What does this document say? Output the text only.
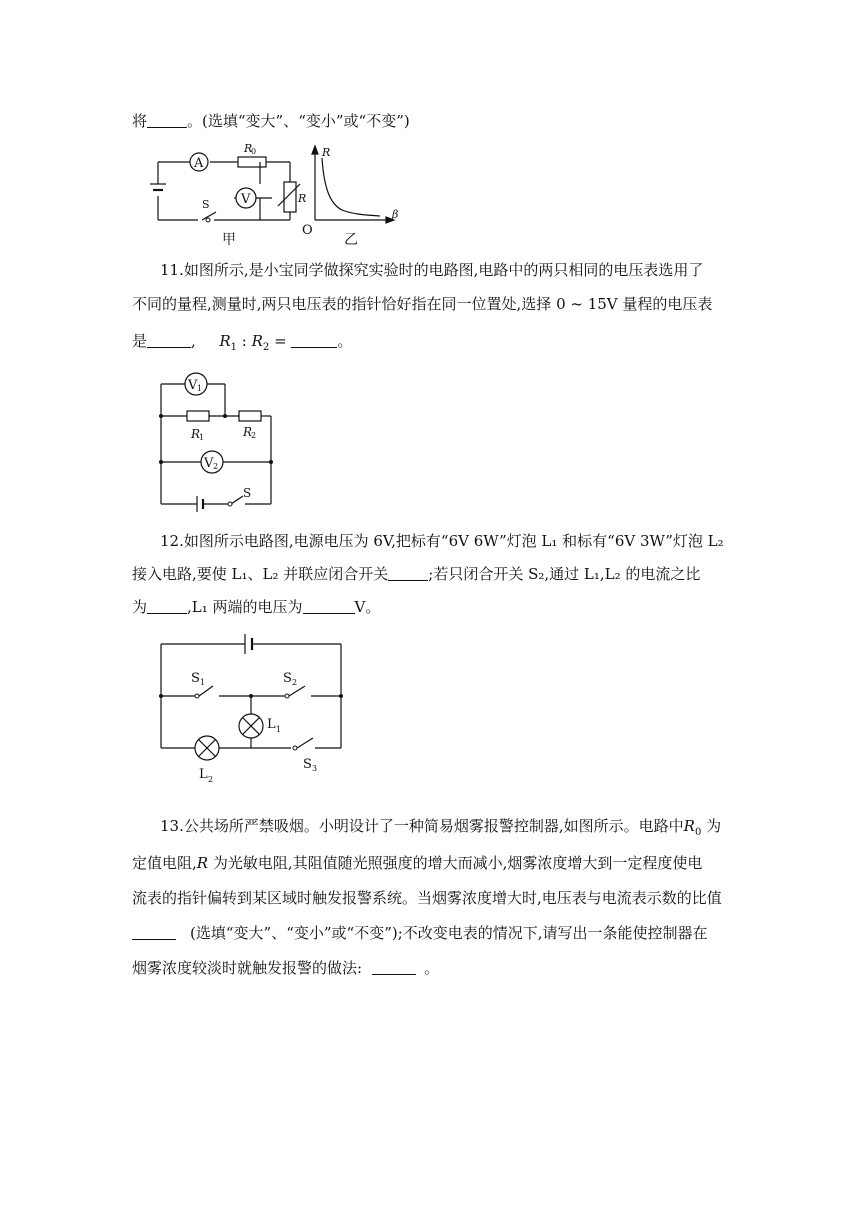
将	。(选填“变大”、“变小”或“不变”)
A
V
R
0
R
S
甲
R
O
β
乙
11.如图所示,是小宝同学做探究实验时的电路图,电路中的两只相同的电压表选用了
不同的量程,测量时,两只电压表的指针恰好指在同一位置处,选择 0 ~ 15V 量程的电压表
是	, $R_1$ : $R_2$ =	。
V 1
V 2
R
1	R
2
S
12.如图所示电路图,电源电压为 6V,把标有“6V 6W”灯泡 L₁ 和标有“6V 3W”灯泡 L₂
接入电路,要使 L₁、L₂ 并联应闭合开关	;若只闭合开关 S₂,通过 L₁,L₂ 的电流之比
为	,L₁ 两端的电压为	V。
S 1	S 2
S 3
L 1
L 2
13.公共场所严禁吸烟。小明设计了一种简易烟雾报警控制器,如图所示。电路中$R_0$ 为
定值电阻,R 为光敏电阻,其阻值随光照强度的增大而减小,烟雾浓度增大到一定程度使电
流表的指针偏转到某区域时触发报警系统。当烟雾浓度增大时,电压表与电流表示数的比值
(选填“变大”、“变小”或“不变”);不改变电表的情况下,请写出一条能使控制器在
烟雾浓度较淡时就触发报警的做法:	。
